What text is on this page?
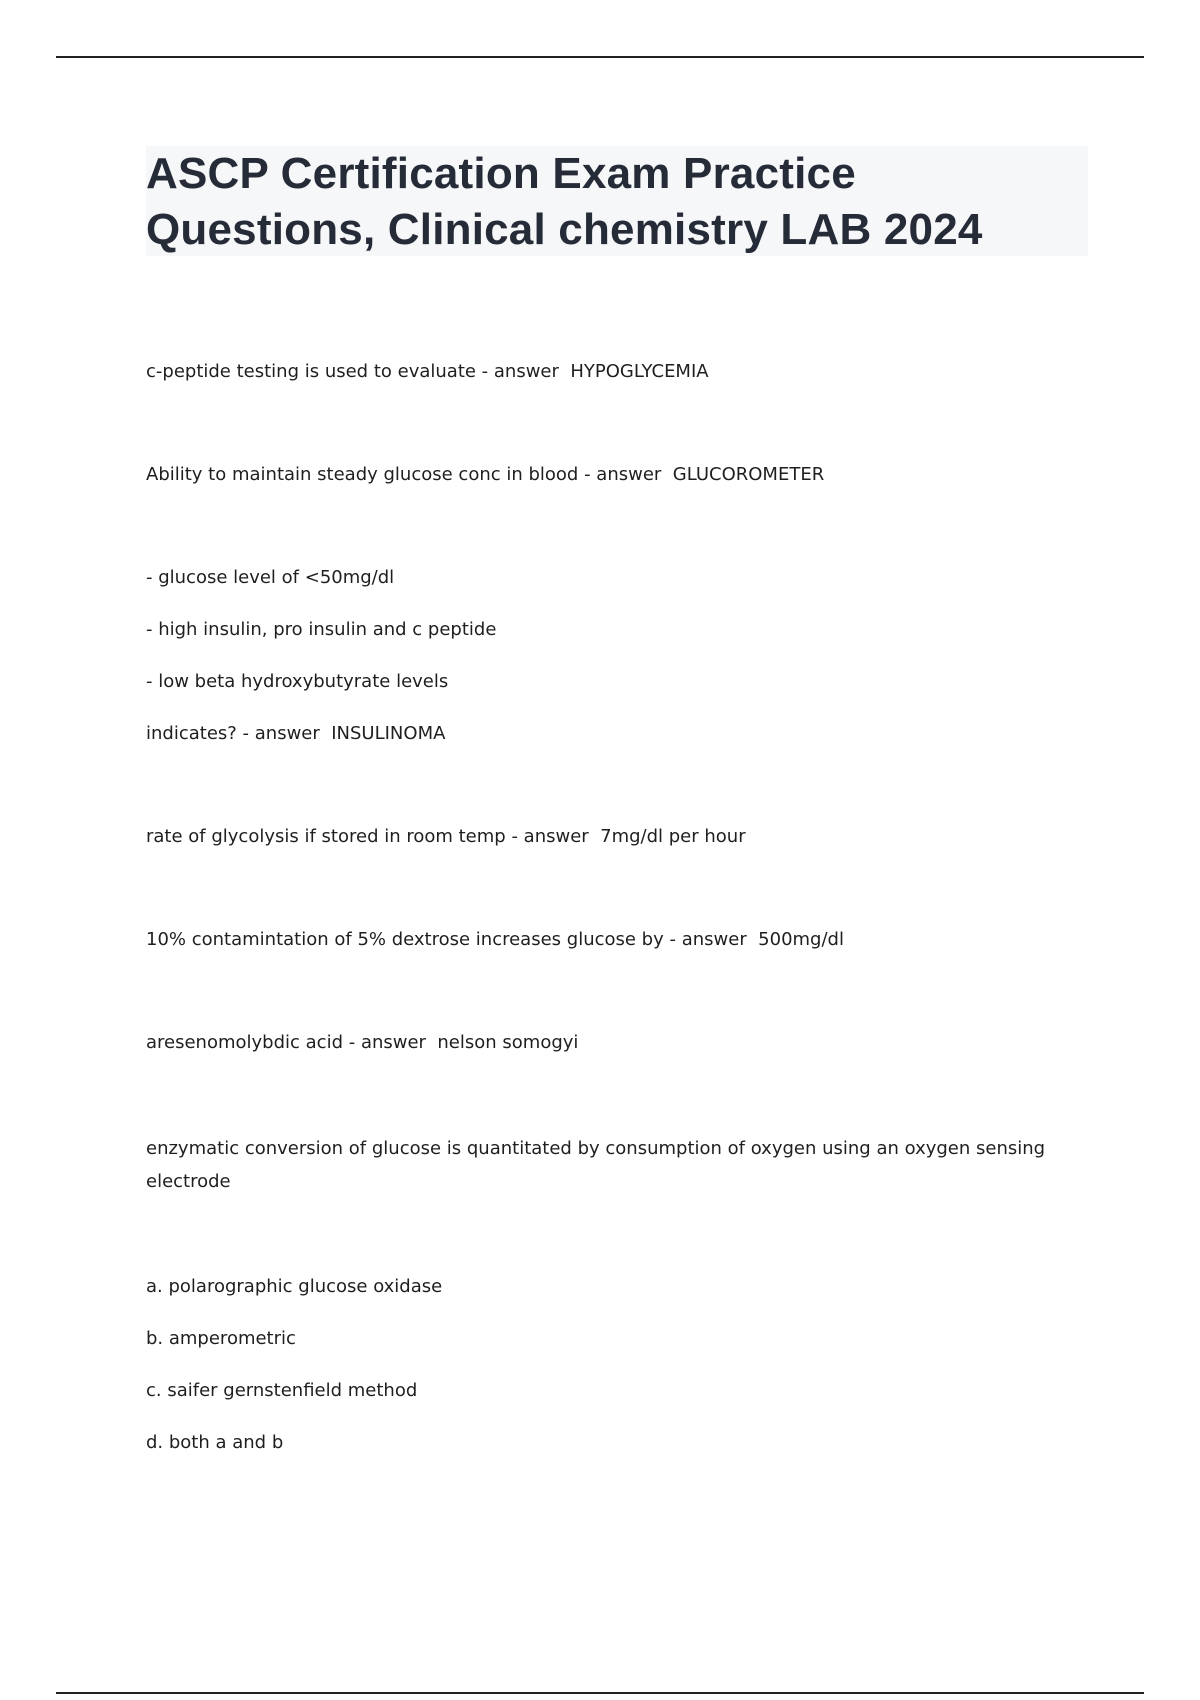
ASCP Certification Exam Practice Questions, Clinical chemistry LAB 2024
c-peptide testing is used to evaluate - answer  HYPOGLYCEMIA
Ability to maintain steady glucose conc in blood - answer  GLUCOROMETER
- glucose level of <50mg/dl
- high insulin, pro insulin and c peptide
- low beta hydroxybutyrate levels
indicates? - answer  INSULINOMA
rate of glycolysis if stored in room temp - answer  7mg/dl per hour
10% contamintation of 5% dextrose increases glucose by - answer  500mg/dl
aresenomolybdic acid - answer  nelson somogyi
enzymatic conversion of glucose is quantitated by consumption of oxygen using an oxygen sensing electrode
a. polarographic glucose oxidase
b. amperometric
c. saifer gernstenfield method
d. both a and b
